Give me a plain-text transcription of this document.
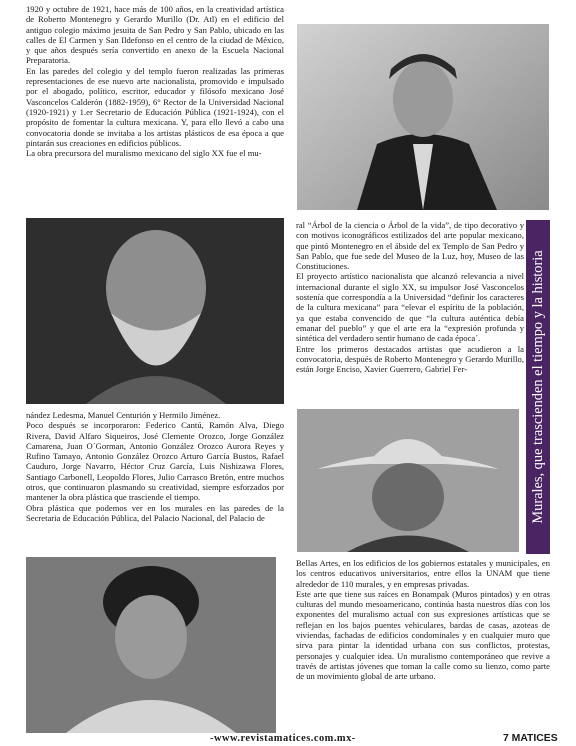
1920 y octubre de 1921, hace más de 100 años, en la creatividad artística de Roberto Montenegro y Gerardo Murillo (Dr. Atl) en el edificio del antiguo colegio máximo jesuita de San Pedro y San Pablo, ubicado en las calles de El Carmen y San Ildefonso en el centro de la ciudad de México, y que años después sería convertido en anexo de la Escuela Nacional Preparatoria.

En las paredes del colegio y del templo fueron realizadas las primeras representaciones de ese nuevo arte nacionalista, promovido e impulsado por el abogado, político, escritor, educador y filósofo mexicano José Vasconcelos Calderón (1882-1959), 6° Rector de la Universidad Nacional (1920-1921) y 1.er Secretario de Educación Pública (1921-1924), con el propósito de fomentar la cultura mexicana. Y, para ello llevó a cabo una convocatoria donde se invitaba a los artistas plásticos de esa época a que pintarán sus creaciones en edificios públicos.

La obra precursora del muralismo mexicano del siglo XX fue el mu-

ral “Árbol de la ciencia o Árbol de la vida”, de tipo decorativo y con motivos iconográficos estilizados del arte popular mexicano, que pintó Montenegro en el ábside del ex Templo de San Pedro y San Pablo, que fue sede del Museo de la Luz, hoy, Museo de las Constituciones.

El proyecto artístico nacionalista que alcanzó relevancia a nivel internacional durante el siglo XX, su impulsor José Vasconcelos sostenía que correspondía a la Universidad “definir los caracteres de la cultura mexicana” para “elevar el espíritu de la población, ya que estaba convencido de que “la cultura auténtica debía emanar del pueblo” y que el arte era la “expresión profunda y sintética del verdadero sentir humano de cada época´.

Entre los primeros destacados artistas que acudieron a la convocatoria, después de Roberto Montenegro y Gerardo Murillo, están Jorge Enciso, Xavier Guerrero, Gabriel Fer-	Murales, que trascienden el tiempo y la historia

nández Ledesma, Manuel Centurión y Hermilo Jiménez.

Poco después se incorporaron: Federico Cantú, Ramón Alva, Diego Rivera, David Alfaro Siqueiros, José Clemente Orozco, Jorge González Camarena, Juan O´Gorman, Antonio González Orozco Aurora Reyes y Rufino Tamayo, Antonio González Orozco Arturo García Bustos, Rafael Cauduro, Jorge Navarro, Héctor Cruz García, Luis Nishizawa Flores, Santiago Carbonell, Leopoldo Flores, Julio Carrasco Bretón, entre muchos otros, que continuaron plasmando su creatividad, siempre esforzados por mantener la obra plástica que trasciende el tiempo.

Obra plástica que podemos ver en los murales en las paredes de la Secretaria de Educación Pública, del Palacio Nacional, del Palacio de

Bellas Artes, en los edificios de los gobiernos estatales y municipales, en los centros educativos universitarios, entre ellos la UNAM que tiene alrededor de 110 murales, y en empresas privadas.

Este arte que tiene sus raíces en Bonampak (Muros pintados) y en otras culturas del mundo mesoamericano, continúa hasta nuestros días con los exponentes del muralismo actual con sus expresiones artísticas que se reflejan en los bajos puentes vehiculares, bardas de casas, azoteas de viviendas, fachadas de edificios condominales y en cualquier muro que sirva para pintar la identidad urbana con sus conflictos, protestas, personajes y cualquier idea. Un muralismo contemporáneo que revive a través de artistas jóvenes que toman la calle como su lienzo, como parte de un movimiento global de arte urbano.

-www.revistamatices.com.mx-	7 MATICES
